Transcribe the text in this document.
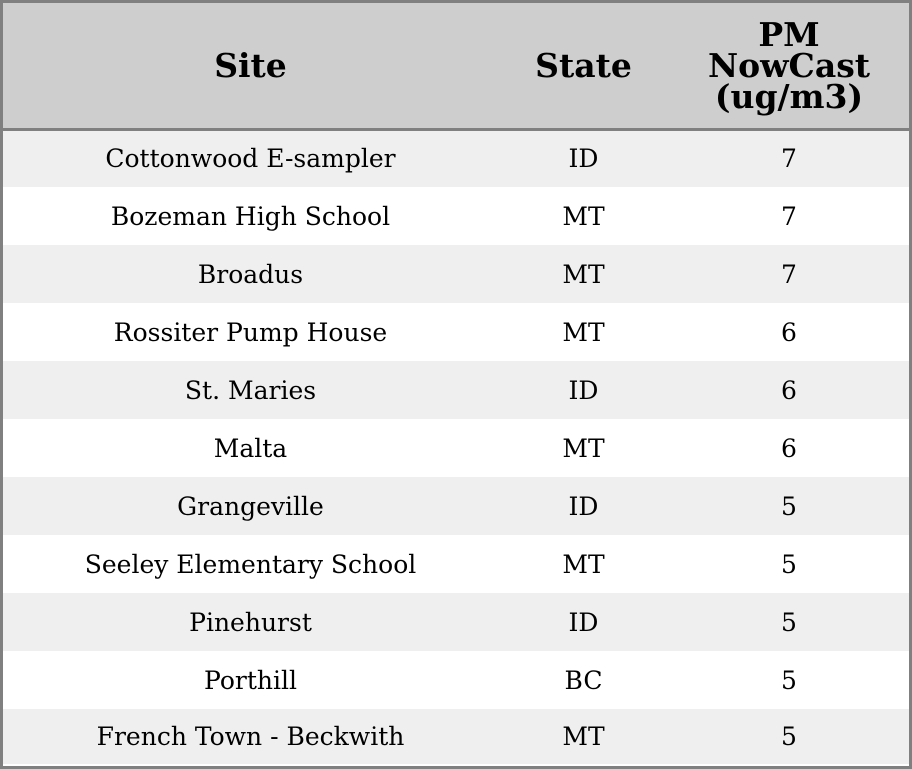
Site	State	PM NowCast (ug/m3)
Cottonwood E-sampler	ID	7
Bozeman High School	MT	7
Broadus	MT	7
Rossiter Pump House	MT	6
St. Maries	ID	6
Malta	MT	6
Grangeville	ID	5
Seeley Elementary School	MT	5
Pinehurst	ID	5
Porthill	BC	5
French Town - Beckwith	MT	5
